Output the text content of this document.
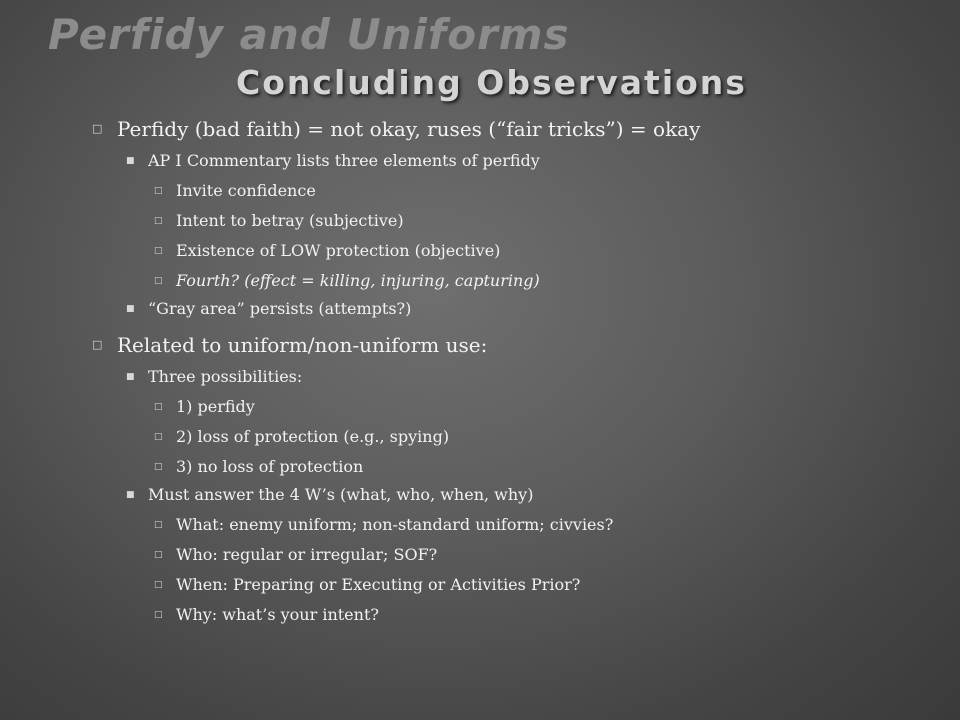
Perfidy and Uniforms
Concluding Observations
□ Perfidy (bad faith) = not okay, ruses (“fair tricks”) = okay
■ AP I Commentary lists three elements of perfidy
□ Invite confidence
□ Intent to betray (subjective)
□ Existence of LOW protection (objective)
□ Fourth? (effect = killing, injuring, capturing)
■ “Gray area” persists (attempts?)
□ Related to uniform/non-uniform use:
■ Three possibilities:
□ 1) perfidy
□ 2) loss of protection (e.g., spying)
□ 3) no loss of protection
■ Must answer the 4 W’s (what, who, when, why)
□ What: enemy uniform; non-standard uniform; civvies?
□ Who: regular or irregular; SOF?
□ When: Preparing or Executing or Activities Prior?
□ Why: what’s your intent?
